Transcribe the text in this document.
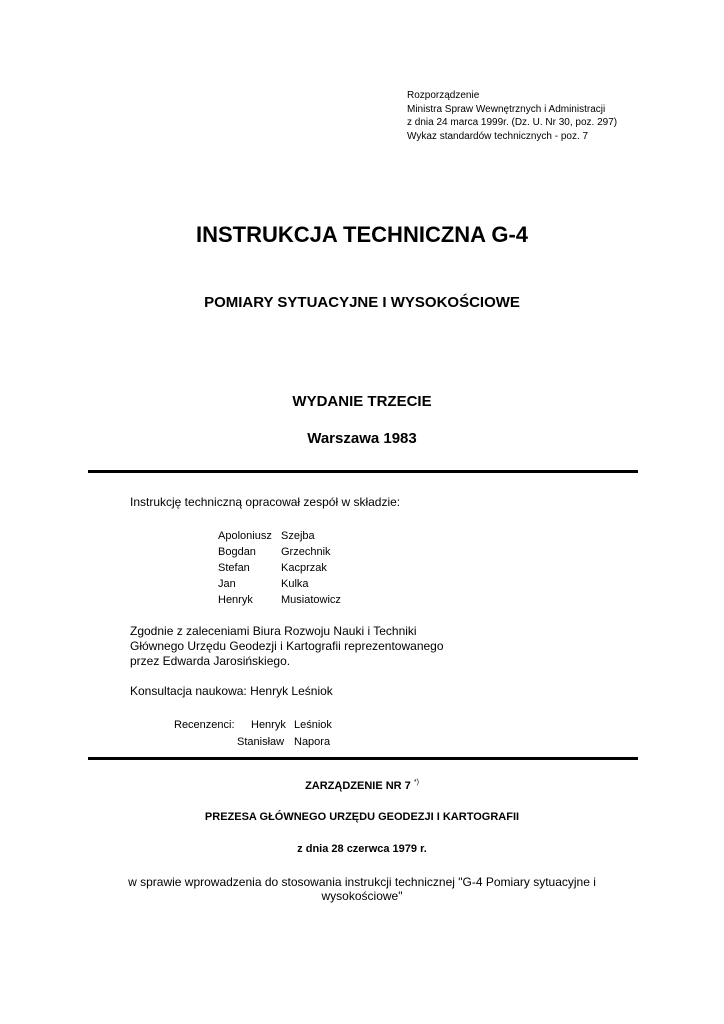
Rozporządzenie
Ministra Spraw Wewnętrznych i Administracji
z dnia 24 marca 1999r. (Dz. U. Nr 30, poz. 297)
Wykaz standardów technicznych - poz. 7
INSTRUKCJA TECHNICZNA G-4
POMIARY SYTUACYJNE I WYSOKOŚCIOWE
WYDANIE TRZECIE
Warszawa 1983
Instrukcję techniczną opracował zespół w składzie:
Apoloniusz Szejba
Bogdan Grzechnik
Stefan	Kacprzak
Jan	Kulka
Henryk	Musiatowicz
Zgodnie z zaleceniami Biura Rozwoju Nauki i Techniki
Głównego Urzędu Geodezji i Kartografii reprezentowanego
przez Edwarda Jarosińskiego.
Konsultacja naukowa: Henryk Leśniok
Recenzenci: Henryk Leśniok
Stanisław Napora
ZARZĄDZENIE NR 7 *)
PREZESA GŁÓWNEGO URZĘDU GEODEZJI I KARTOGRAFII
z dnia 28 czerwca 1979 r.
w sprawie wprowadzenia do stosowania instrukcji technicznej "G-4 Pomiary sytuacyjne i
wysokościowe"
